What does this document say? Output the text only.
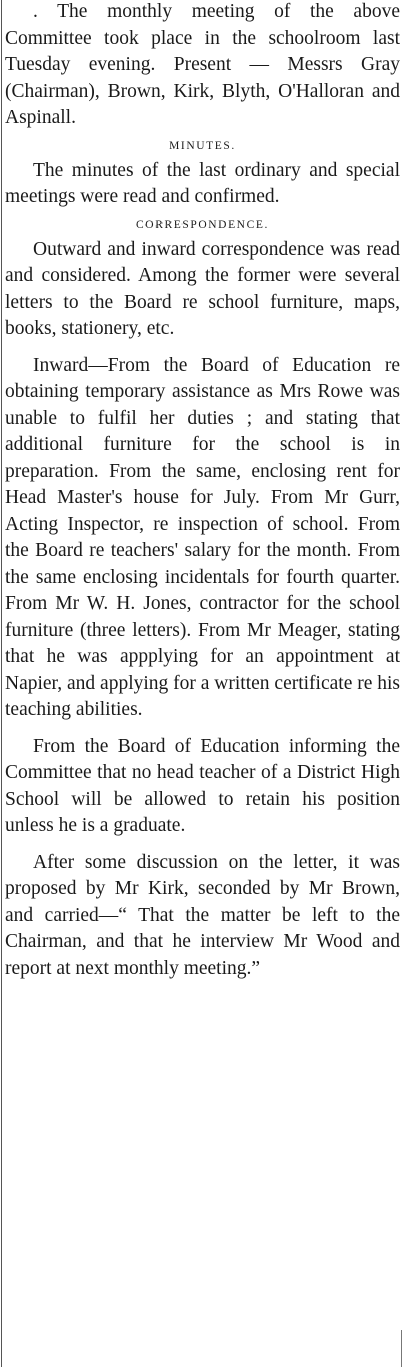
. The monthly meeting of the above Committee took place in the schoolroom last Tuesday evening. Present — Messrs Gray (Chairman), Brown, Kirk, Blyth, O'Halloran and Aspinall.

MINUTES.

The minutes of the last ordinary and special meetings were read and confirmed.

CORRESPONDENCE.

Outward and inward correspondence was read and considered. Among the former were several letters to the Board re school furniture, maps, books, stationery, etc.

Inward—From the Board of Education re obtaining temporary assistance as Mrs Rowe was unable to fulfil her duties ; and stating that additional furniture for the school is in preparation. From the same, enclosing rent for Head Master's house for July. From Mr Gurr, Acting Inspector, re inspection of school. From the Board re teachers' salary for the month. From the same enclosing incidentals for fourth quarter. From Mr W. H. Jones, contractor for the school furniture (three letters). From Mr Meager, stating that he was appplying for an appointment at Napier, and applying for a written certificate re his teaching abilities.

From the Board of Education informing the Committee that no head teacher of a District High School will be allowed to retain his position unless he is a graduate.

After some discussion on the letter, it was proposed by Mr Kirk, seconded by Mr Brown, and carried—“ That the matter be left to the Chairman, and that he interview Mr Wood and report at next monthly meeting.”
